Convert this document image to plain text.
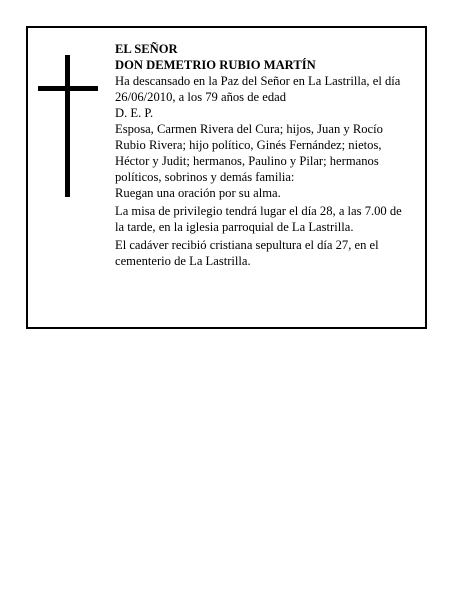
EL SEÑOR

DON DEMETRIO RUBIO MARTÍN

Ha descansado en la Paz del Señor en La Lastrilla, el día 26/06/2010, a los 79 años de edad

D. E. P.

Esposa, Carmen Rivera del Cura; hijos, Juan y Rocío Rubio Rivera; hijo político, Ginés Fernández; nietos, Héctor y Judit; hermanos, Paulino y Pilar; hermanos políticos, sobrinos y demás familia:

Ruegan una oración por su alma.

La misa de privilegio tendrá lugar el día 28, a las 7.00 de la tarde, en la iglesia parroquial de La Lastrilla.

El cadáver recibió cristiana sepultura el día 27, en el cementerio de La Lastrilla.
